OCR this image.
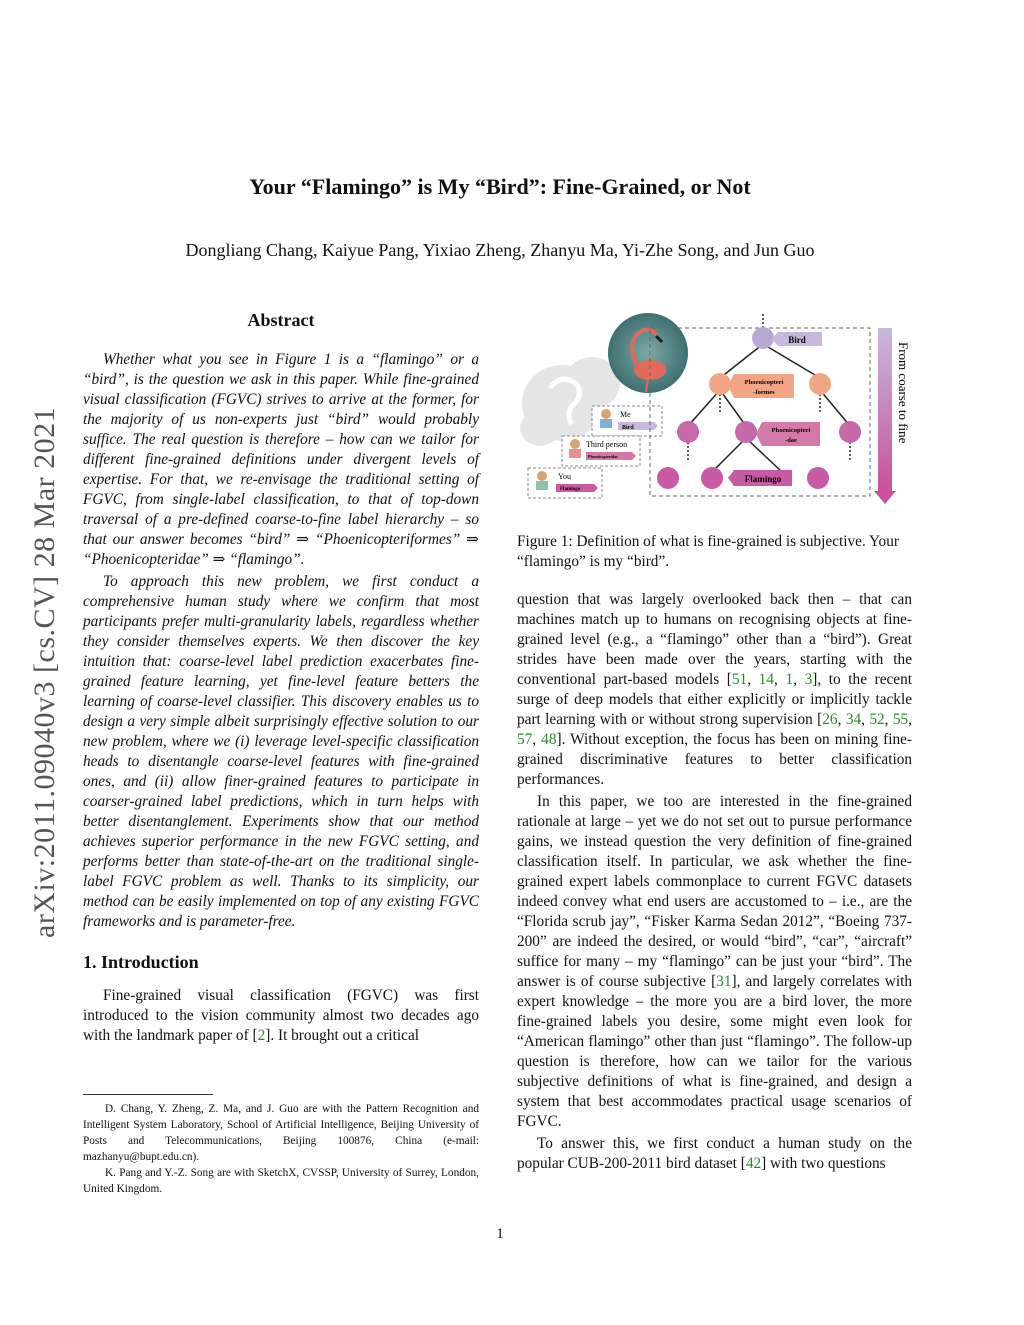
Your “Flamingo” is My “Bird”: Fine-Grained, or Not
Dongliang Chang, Kaiyue Pang, Yixiao Zheng, Zhanyu Ma, Yi-Zhe Song, and Jun Guo
arXiv:2011.09040v3 [cs.CV] 28 Mar 2021
Abstract

Whether what you see in Figure 1 is a “flamingo” or a “bird”, is the question we ask in this paper. While fine-grained visual classification (FGVC) strives to arrive at the former, for the majority of us non-experts just “bird” would probably suffice. The real question is therefore – how can we tailor for different fine-grained definitions under divergent levels of expertise. For that, we re-envisage the traditional setting of FGVC, from single-label classification, to that of top-down traversal of a pre-defined coarse-to-fine label hierarchy – so that our answer becomes “bird” ⇒ “Phoenicopteriformes” ⇒ “Phoenicopteridae” ⇒ “flamingo”.

To approach this new problem, we first conduct a comprehensive human study where we confirm that most participants prefer multi-granularity labels, regardless whether they consider themselves experts. We then discover the key intuition that: coarse-level label prediction exacerbates fine-grained feature learning, yet fine-level feature betters the learning of coarse-level classifier. This discovery enables us to design a very simple albeit surprisingly effective solution to our new problem, where we (i) leverage level-specific classification heads to disentangle coarse-level features with fine-grained ones, and (ii) allow finer-grained features to participate in coarser-grained label predictions, which in turn helps with better disentanglement. Experiments show that our method achieves superior performance in the new FGVC setting, and performs better than state-of-the-art on the traditional single-label FGVC problem as well. Thanks to its simplicity, our method can be easily implemented on top of any existing FGVC frameworks and is parameter-free.

1. Introduction

Fine-grained visual classification (FGVC) was first introduced to the vision community almost two decades ago with the landmark paper of [2]. It brought out a critical

D. Chang, Y. Zheng, Z. Ma, and J. Guo are with the Pattern Recognition and Intelligent System Laboratory, School of Artificial Intelligence, Beijing University of Posts and Telecommunications, Beijing 100876, China (e-mail: mazhanyu@bupt.edu.cn).

K. Pang and Y.-Z. Song are with SketchX, CVSSP, University of Surrey, London, United Kingdom.

question that was largely overlooked back then – that can machines match up to humans on recognising objects at fine-grained level (e.g., a “flamingo” other than a “bird”). Great strides have been made over the years, starting with the conventional part-based models [51, 14, 1, 3], to the recent surge of deep models that either explicitly or implicitly tackle part learning with or without strong supervision [26, 34, 52, 55, 57, 48]. Without exception, the focus has been on mining fine-grained discriminative features to better classification performances.

In this paper, we too are interested in the fine-grained rationale at large – yet we do not set out to pursue performance gains, we instead question the very definition of fine-grained classification itself. In particular, we ask whether the fine-grained expert labels commonplace to current FGVC datasets indeed convey what end users are accustomed to – i.e., are the “Florida scrub jay”, “Fisker Karma Sedan 2012”, “Boeing 737-200” are indeed the desired, or would “bird”, “car”, “aircraft” suffice for many – my “flamingo” can be just your “bird”. The answer is of course subjective [31], and largely correlates with expert knowledge – the more you are a bird lover, the more fine-grained labels you desire, some might even look for “American flamingo” other than just “flamingo”. The follow-up question is therefore, how can we tailor for the various subjective definitions of what is fine-grained, and design a system that best accommodates practical usage scenarios of FGVC.

To answer this, we first conduct a human study on the popular CUB-200-2011 bird dataset [42] with two questions

Figure 1: Definition of what is fine-grained is subjective. Your “flamingo” is my “bird”.
1
Me
Bird
Third person
Phoenicopteridae
You
Flamingo
Bird
Phoenicopteri
-formes
Phoenicopteri
-dae
Flamingo
From coarse to fine
